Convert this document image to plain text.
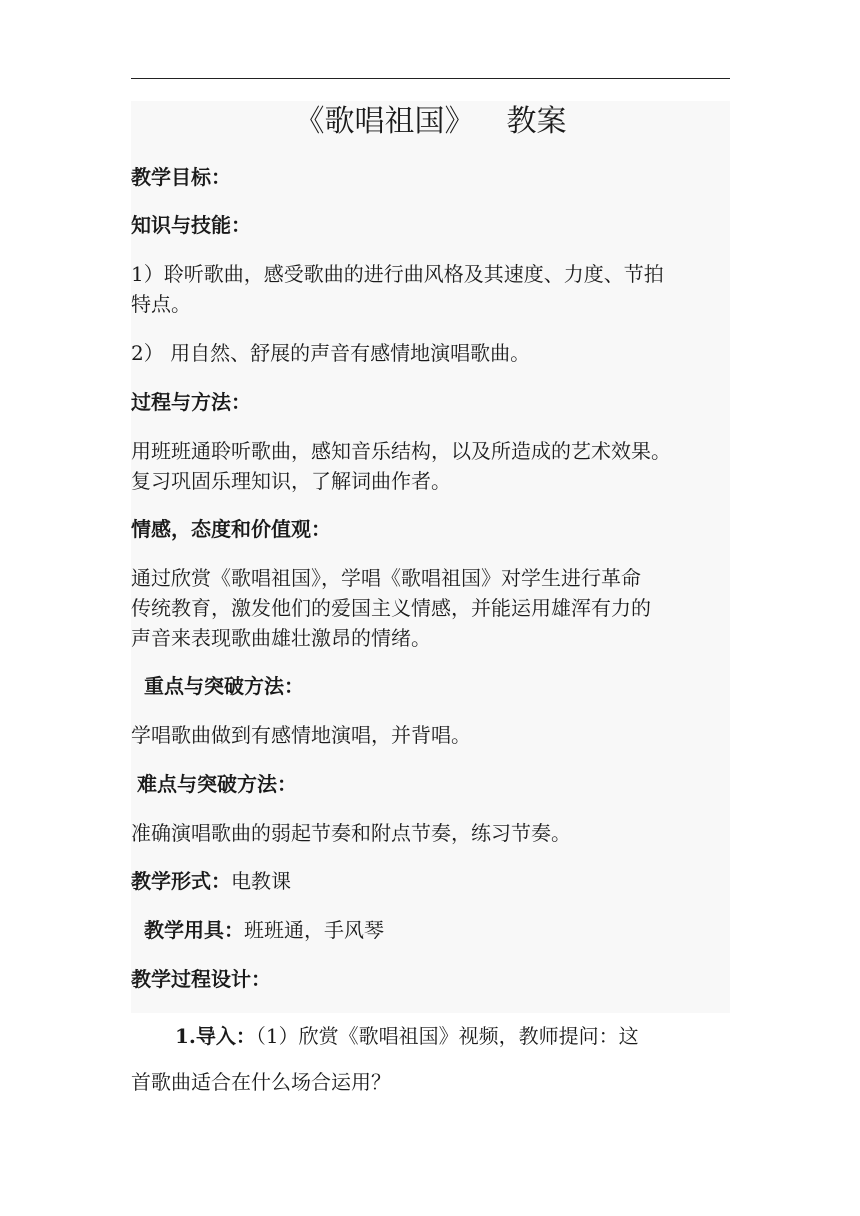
《歌唱祖国》 教案
教学目标：
知识与技能：
1）聆听歌曲，感受歌曲的进行曲风格及其速度、力度、节拍
特点。
2） 用自然、舒展的声音有感情地演唱歌曲。
过程与方法：
用班班通聆听歌曲，感知音乐结构，以及所造成的艺术效果。
复习巩固乐理知识，了解词曲作者。
情感，态度和价值观：
通过欣赏《歌唱祖国》，学唱《歌唱祖国》对学生进行革命
传统教育，激发他们的爱国主义情感，并能运用雄浑有力的
声音来表现歌曲雄壮激昂的情绪。
重点与突破方法：
学唱歌曲做到有感情地演唱，并背唱。
难点与突破方法：
准确演唱歌曲的弱起节奏和附点节奏，练习节奏。
教学形式：电教课
教学用具：班班通，手风琴
教学过程设计：
1.导入：（1）欣赏《歌唱祖国》视频，教师提问：这
首歌曲适合在什么场合运用？
